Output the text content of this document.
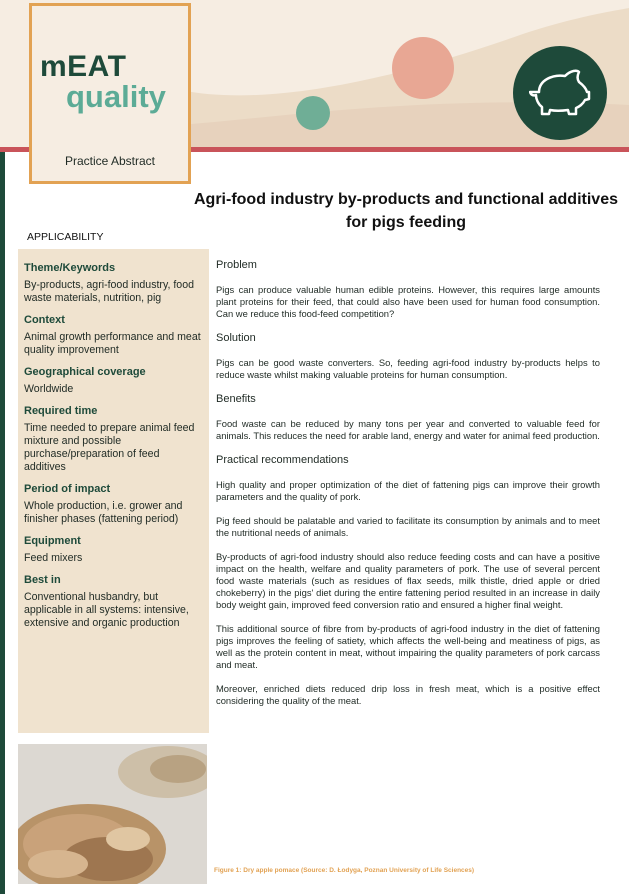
mEAT
quality
Practice Abstract
Agri-food industry by-products and functional additives for pigs feeding
APPLICABILITY
Theme/Keywords
By-products, agri-food industry, food waste materials, nutrition, pig
Context
Animal growth performance and meat quality improvement
Geographical coverage
Worldwide
Required time
Time needed to prepare animal feed mixture and possible purchase/preparation of feed additives
Period of impact
Whole production, i.e. grower and finisher phases (fattening period)
Equipment
Feed mixers
Best in
Conventional husbandry, but applicable in all systems: intensive, extensive and organic production
Figure 1: Dry apple pomace (Source: D. Łodyga, Poznan University of Life Sciences)
Problem
Pigs can produce valuable human edible proteins. However, this requires large amounts plant proteins for their feed, that could also have been used for human food consumption. Can we reduce this food-feed competition?
Solution
Pigs can be good waste converters. So, feeding agri-food industry by-products helps to reduce waste whilst making valuable proteins for human consumption.
Benefits
Food waste can be reduced by many tons per year and converted to valuable feed for animals. This reduces the need for arable land, energy and water for animal feed production.
Practical recommendations
High quality and proper optimization of the diet of fattening pigs can improve their growth parameters and the quality of pork.
Pig feed should be palatable and varied to facilitate its consumption by animals and to meet the nutritional needs of animals.
By-products of agri-food industry should also reduce feeding costs and can have a positive impact on the health, welfare and quality parameters of pork. The use of several percent food waste materials (such as residues of flax seeds, milk thistle, dried apple or dried chokeberry) in the pigs' diet during the entire fattening period resulted in an increase in daily body weight gain, improved feed conversion ratio and ensured a higher final weight.
This additional source of fibre from by-products of agri-food industry in the diet of fattening pigs improves the feeling of satiety, which affects the well-being and meatiness of pigs, as well as the protein content in meat, without impairing the quality parameters of pork carcass and meat.
Moreover, enriched diets reduced drip loss in fresh meat, which is a positive effect considering the quality of the meat.
